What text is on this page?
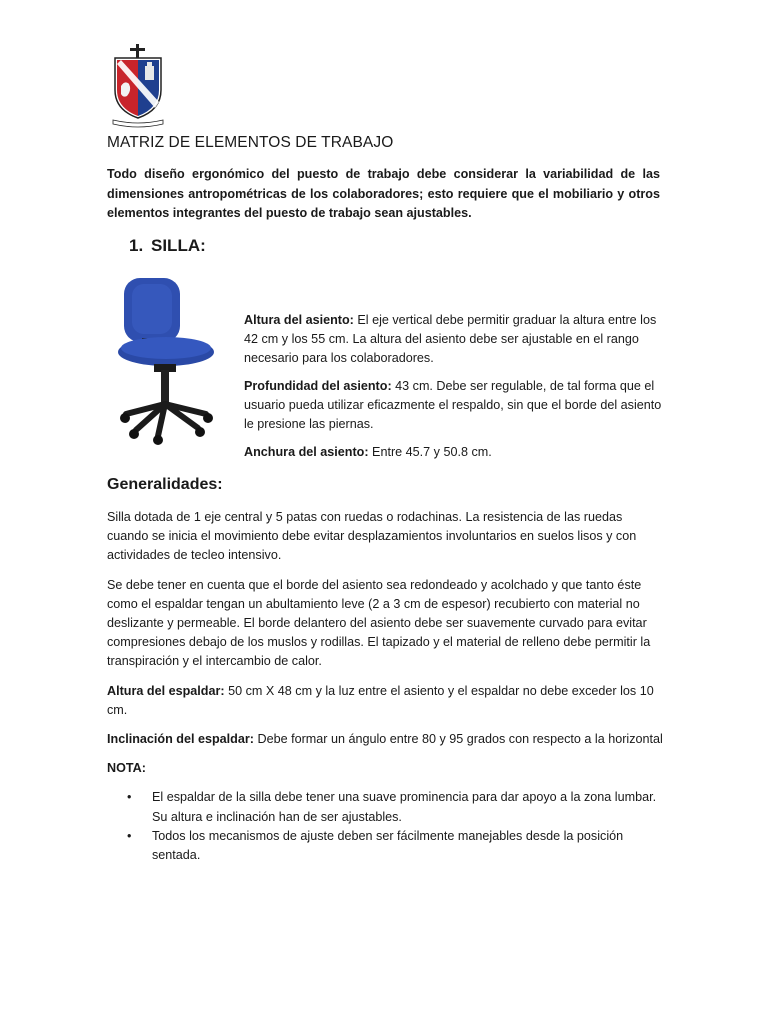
MATRIZ DE ELEMENTOS DE TRABAJO

Todo diseño ergonómico del puesto de trabajo debe considerar la variabilidad de las dimensiones antropométricas de los colaboradores; esto requiere que el mobiliario y otros elementos integrantes del puesto de trabajo sean ajustables.

1. SILLA:

Altura del asiento: El eje vertical debe permitir graduar la altura entre los 42 cm y los 55 cm. La altura del asiento debe ser ajustable en el rango necesario para los colaboradores.

Profundidad del asiento: 43 cm. Debe ser regulable, de tal forma que el usuario pueda utilizar eficazmente el respaldo, sin que el borde del asiento le presione las piernas.

Anchura del asiento: Entre 45.7 y 50.8 cm.

Generalidades:

Silla dotada de 1 eje central y 5 patas con ruedas o rodachinas. La resistencia de las ruedas cuando se inicia el movimiento debe evitar desplazamientos involuntarios en suelos lisos y con actividades de tecleo intensivo.

Se debe tener en cuenta que el borde del asiento sea redondeado y acolchado y que tanto éste como el espaldar tengan un abultamiento leve (2 a 3 cm de espesor) recubierto con material no deslizante y permeable. El borde delantero del asiento debe ser suavemente curvado para evitar compresiones debajo de los muslos y rodillas. El tapizado y el material de relleno debe permitir la transpiración y el intercambio de calor.

Altura del espaldar: 50 cm X 48 cm y la luz entre el asiento y el espaldar no debe exceder los 10 cm.

Inclinación del espaldar: Debe formar un ángulo entre 80 y 95 grados con respecto a la horizontal

NOTA:

• El espaldar de la silla debe tener una suave prominencia para dar apoyo a la zona lumbar. Su altura e inclinación han de ser ajustables.
• Todos los mecanismos de ajuste deben ser fácilmente manejables desde la posición sentada.
